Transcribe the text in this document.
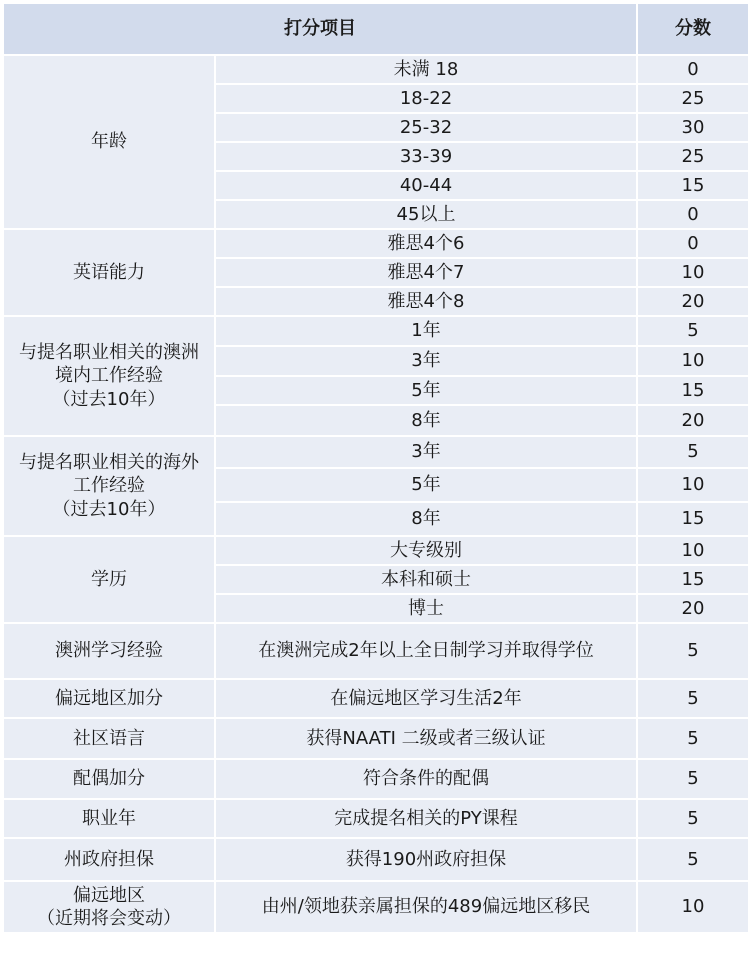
打分项目		分数
年龄	未满 18	0
	18-22	25
	25-32	30
	33-39	25
	40-44	15
	45以上	0
英语能力	雅思4个6	0
	雅思4个7	10
	雅思4个8	20
与提名职业相关的澳洲
境内工作经验
（过去10年）	1年	5
	3年	10
	5年	15
	8年	20
与提名职业相关的海外
工作经验
（过去10年）	3年	5
	5年	10
	8年	15
学历	大专级别	10
	本科和硕士	15
	博士	20
澳洲学习经验	在澳洲完成2年以上全日制学习并取得学位	5
偏远地区加分	在偏远地区学习生活2年	5
社区语言	获得NAATI 二级或者三级认证	5
配偶加分	符合条件的配偶	5
职业年	完成提名相关的PY课程	5
州政府担保	获得190州政府担保	5
偏远地区
（近期将会变动）	由州/领地获亲属担保的489偏远地区移民	10
